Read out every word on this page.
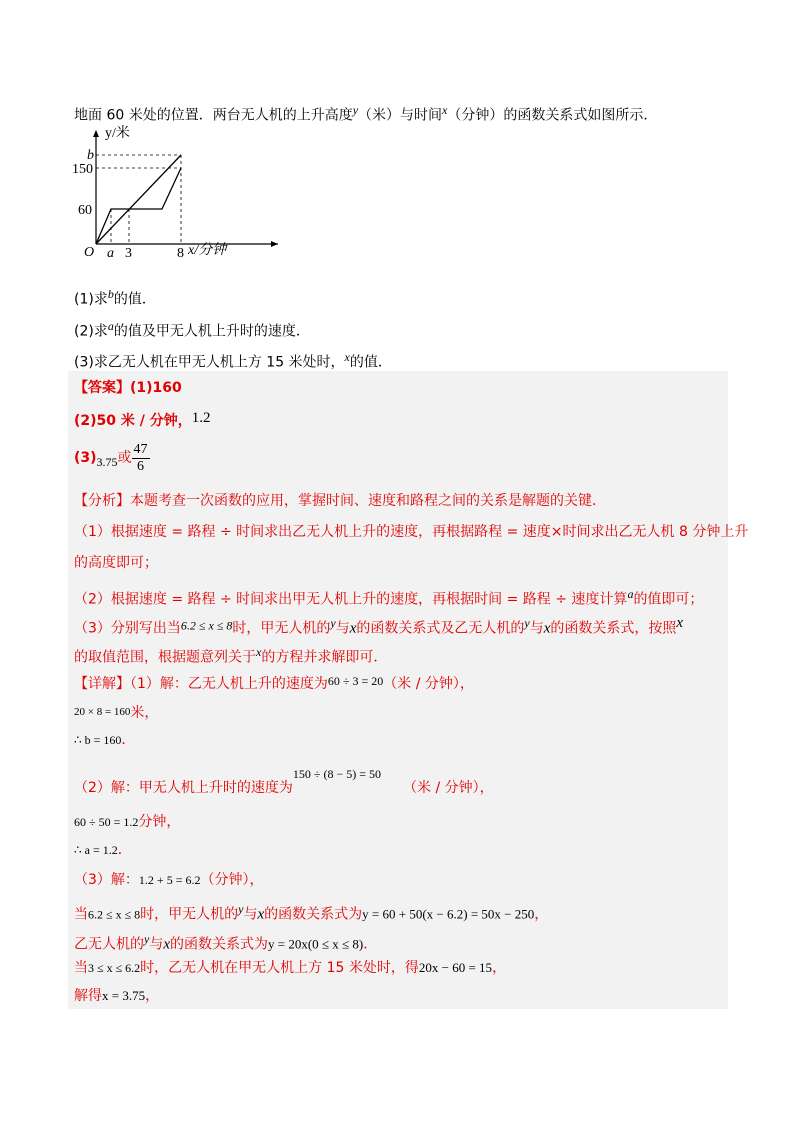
地面 60 米处的位置．两台无人机的上升高度$^y$（米）与时间$^x$（分钟）的函数关系式如图所示．
y/米
x/分钟
O
b
150
60
a 3	8
(1)求$^b$的值．
(2)求$^a$的值及甲无人机上升时的速度．
(3)求乙无人机在甲无人机上方 15 米处时，$^x$的值．
【答案】(1)160
(2)50 米 / 分钟，1.2
(3)3.75或 $\frac{47}{6}$
【分析】本题考查一次函数的应用，掌握时间、速度和路程之间的关系是解题的关键．
（1）根据速度 = 路程 ÷ 时间求出乙无人机上升的速度，再根据路程 = 速度×时间求出乙无人机 8 分钟上升
的高度即可；
（2）根据速度 = 路程 ÷ 时间求出甲无人机上升的速度，再根据时间 = 路程 ÷ 速度计算$^a$的值即可；
（3）分别写出当6.2 ≤ x ≤ 8时，甲无人机的$^y$与x的函数关系式及乙无人机的$^y$与x的函数关系式，按照$^x$
的取值范围，根据题意列关于$^x$的方程并求解即可．
【详解】（1）解：乙无人机上升的速度为60 ÷ 3 = 20（米 / 分钟），
20 × 8 = 160米，
∴ b = 160．
（2）解：甲无人机上升时的速度为150 ÷ (8 − 5) = 50（米 / 分钟），
60 ÷ 50 = 1.2分钟，
∴ a = 1.2．
（3）解：1.2 + 5 = 6.2（分钟），
当6.2 ≤ x ≤ 8时，甲无人机的$^y$与x的函数关系式为y = 60 + 50(x − 6.2) = 50x − 250，
乙无人机的$^y$与x的函数关系式为y = 20x(0 ≤ x ≤ 8)．
当3 ≤ x ≤ 6.2时，乙无人机在甲无人机上方 15 米处时，得20x − 60 = 15，
解得x = 3.75，
